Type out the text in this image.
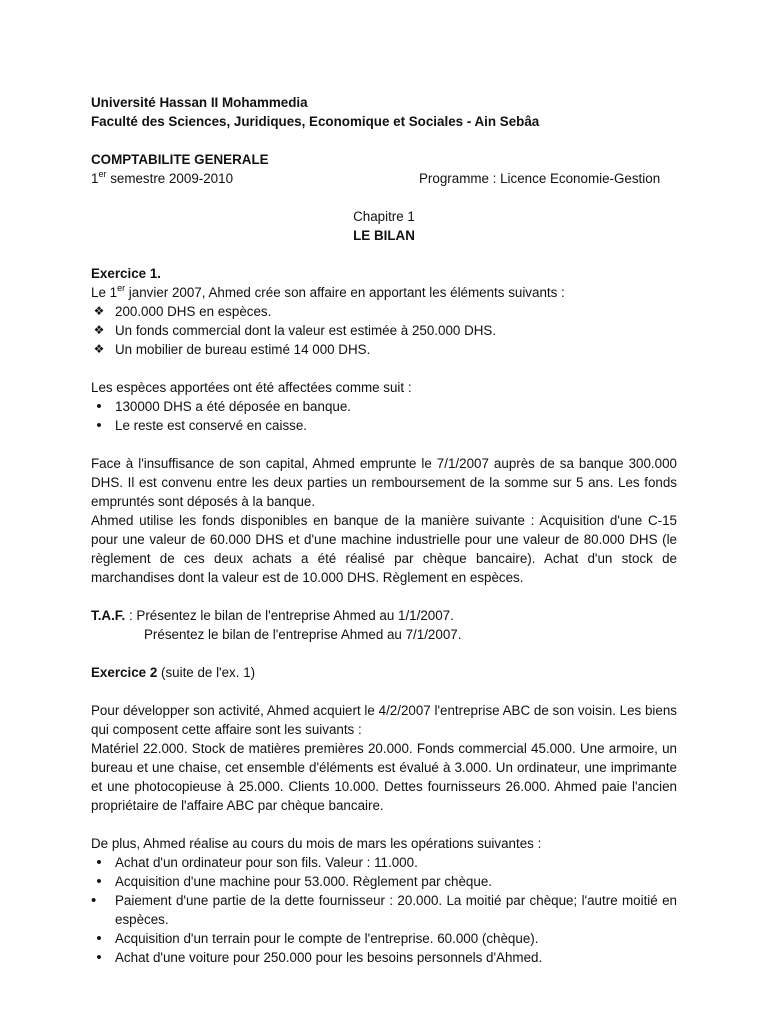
Université Hassan II Mohammedia

Faculté des Sciences, Juridiques, Economique et Sociales - Ain Sebâa

COMPTABILITE GENERALE

1er semestre 2009-2010	Programme : Licence Economie-Gestion

Chapitre 1

LE BILAN

Exercice 1.

Le 1er janvier 2007, Ahmed crée son affaire en apportant les éléments suivants :

❖ 200.000 DHS en espèces.
❖ Un fonds commercial dont la valeur est estimée à 250.000 DHS.
❖ Un mobilier de bureau estimé 14 000 DHS.

Les espèces apportées ont été affectées comme suit :

• 130000 DHS a été déposée en banque.
• Le reste est conservé en caisse.

Face à l'insuffisance de son capital, Ahmed emprunte le 7/1/2007 auprès de sa banque 300.000 DHS. Il est convenu entre les deux parties un remboursement de la somme sur 5 ans. Les fonds empruntés sont déposés à la banque.

Ahmed utilise les fonds disponibles en banque de la manière suivante : Acquisition d'une C-15 pour une valeur de 60.000 DHS et d'une machine industrielle pour une valeur de 80.000 DHS (le règlement de ces deux achats a été réalisé par chèque bancaire). Achat d'un stock de marchandises dont la valeur est de 10.000 DHS. Règlement en espèces.

T.A.F. : Présentez le bilan de l'entreprise Ahmed au 1/1/2007.

Présentez le bilan de l'entreprise Ahmed au 7/1/2007.

Exercice 2 (suite de l'ex. 1)

Pour développer son activité, Ahmed acquiert le 4/2/2007 l'entreprise ABC de son voisin. Les biens qui composent cette affaire sont les suivants :

Matériel 22.000. Stock de matières premières 20.000. Fonds commercial 45.000. Une armoire, un bureau et une chaise, cet ensemble d'éléments est évalué à 3.000. Un ordinateur, une imprimante et une photocopieuse à 25.000. Clients 10.000. Dettes fournisseurs 26.000. Ahmed paie l'ancien propriétaire de l'affaire ABC par chèque bancaire.

De plus, Ahmed réalise au cours du mois de mars les opérations suivantes :

• Achat d'un ordinateur pour son fils. Valeur : 11.000.
• Acquisition d'une machine pour 53.000. Règlement par chèque.
•	Paiement d'une partie de la dette fournisseur : 20.000. La moitié par chèque; l'autre moitié en espèces.
• Acquisition d'un terrain pour le compte de l'entreprise. 60.000 (chèque).
• Achat d'une voiture pour 250.000 pour les besoins personnels d'Ahmed.
